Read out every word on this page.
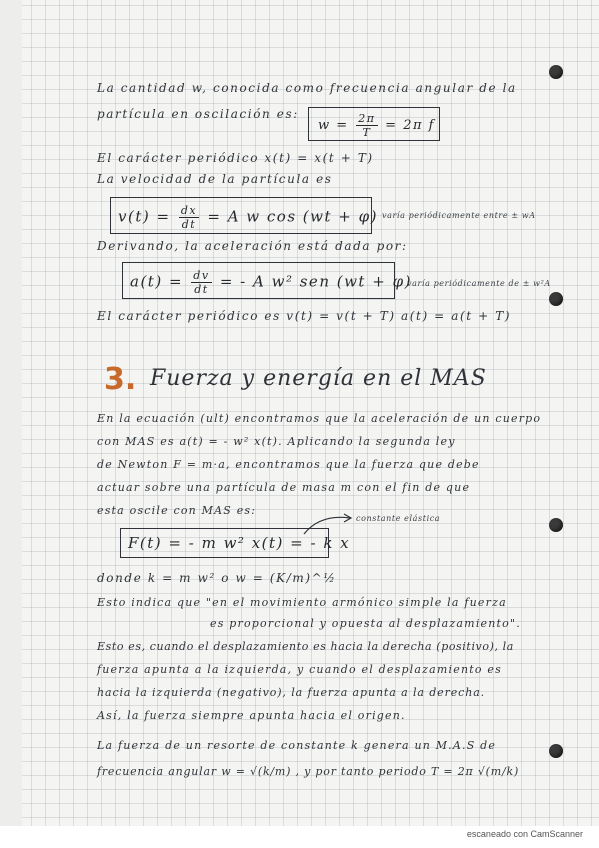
La cantidad w, conocida como frecuencia angular de la
partícula en oscilación es:
$w = \frac{2\pi}{T} = 2\pi$ f
El carácter periódico x(t) = x(t + T)
La velocidad de la partícula es
$v(t) = \frac{dx}{dt} = A$ w cos (wt + φ) varía periódicamente entre ± wA
Derivando, la aceleración está dada por:
$a(t) = \frac{dv}{dt}$ = - A w² sen (wt + φ)
varía periódicamente de ± w²A
El carácter periódico es v(t) = v(t + T) a(t) = a(t + T)
3. Fuerza y energía en el MAS
En la ecuación (ult) encontramos que la aceleración de un cuerpo
con MAS es a(t) = - w² x(t). Aplicando la segunda ley
de Newton F = m·a, encontramos que la fuerza que debe
actuar sobre una partícula de masa m con el fin de que
esta oscile con MAS es:
F(t) = - m w² x(t) = - k x
constante elástica
donde k = m w² o w = (K/m)^½
Esto indica que "en el movimiento armónico simple la fuerza
es proporcional y opuesta al desplazamiento".
Esto es, cuando el desplazamiento es hacia la derecha (positivo), la
fuerza apunta a la izquierda, y cuando el desplazamiento es
hacia la izquierda (negativo), la fuerza apunta a la derecha.
Así, la fuerza siempre apunta hacia el origen.
La fuerza de un resorte de constante k genera un M.A.S de
frecuencia angular w = √(k/m) , y por tanto periodo T = 2π √(m/k)
escaneado con CamScanner
